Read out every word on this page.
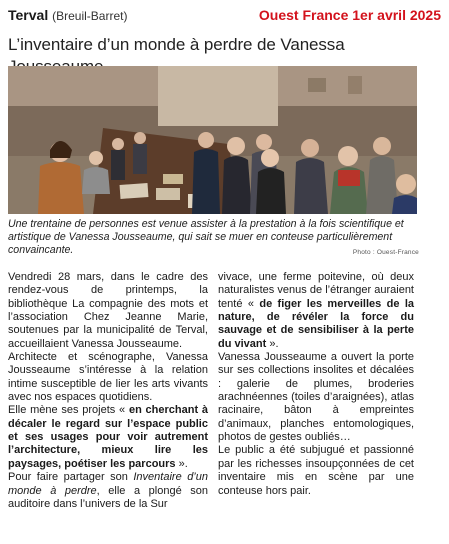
Terval (Breuil-Barret)	Ouest France 1er avril 2025
L’inventaire d’un monde à perdre de Vanessa
Une trentaine de personnes est venue assister à la prestation à la fois scientifique et artistique de Vanessa Jousseaume, qui sait se muer en conteuse particulièrement convaincante.	Photo : Ouest-France

Vendredi 28 mars, dans le cadre des rendez-vous de printemps, la bibliothèque La compagnie des mots et l’association Chez Jeanne Marie, soutenues par la municipalité de Terval, accueillaient Vanessa Jousseaume.

Architecte et scénographe, Vanessa Jousseaume s’intéresse à la relation intime susceptible de lier les arts vivants avec nos espaces quotidiens.

Elle mène ses projets « en cherchant à décaler le regard sur l’espace public et ses usages pour voir autrement l’architecture, mieux lire les paysages, poétiser les parcours ».

Pour faire partager son Inventaire d’un monde à perdre, elle a plongé son auditoire dans l’univers de la Sur

vivace, une ferme poitevine, où deux naturalistes venus de l’étranger auraient tenté « de figer les merveilles de la nature, de révéler la force du sauvage et de sensibiliser à la perte du vivant ».

Vanessa Jousseaume a ouvert la porte sur ses collections insolites et décalées : galerie de plumes, broderies arachnéennes (toiles d’araignées), atlas racinaire, bâton à empreintes d’animaux, planches entomologiques, photos de gestes oubliés…

Le public a été subjugué et passionné par les richesses insoupçonnées de cet inventaire mis en scène par une conteuse hors pair.
